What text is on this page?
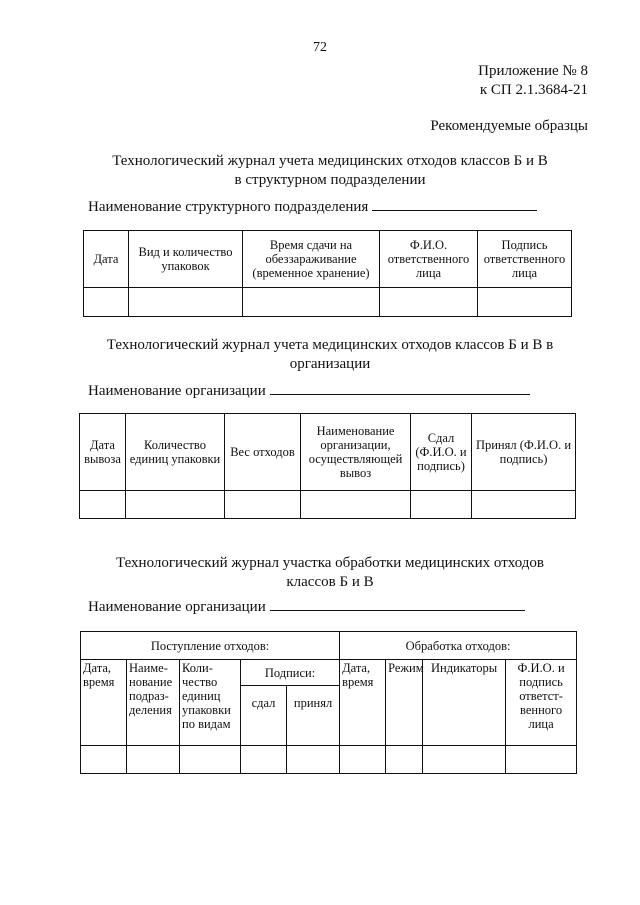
72
Приложение № 8
к СП 2.1.3684-21
Рекомендуемые образцы
Технологический журнал учета медицинских отходов классов Б и В
в структурном подразделении
Наименование структурного подразделения
Дата	Вид и количество упаковок	Время сдачи на обеззараживание (временное хранение)	Ф.И.О. ответственного лица	Подпись ответственного лица

Технологический журнал учета медицинских отходов классов Б и В в
организации
Наименование организации
Дата вывоза	Количество единиц упаковки	Вес отходов	Наименование организации, осуществляющей вывоз	Сдал (Ф.И.О. и подпись)	Принял (Ф.И.О. и подпись)

Технологический журнал участка обработки медицинских отходов
классов Б и В
Наименование организации
Поступление отходов:					Обработка отходов:			
Дата, время	Наиме- нование подраз- деления	Коли- чество единиц упаковки по видам	Подписи:		Дата, время	Режим	Индикаторы	Ф.И.О. и подпись ответст- венного лица
			сдал	принял				
